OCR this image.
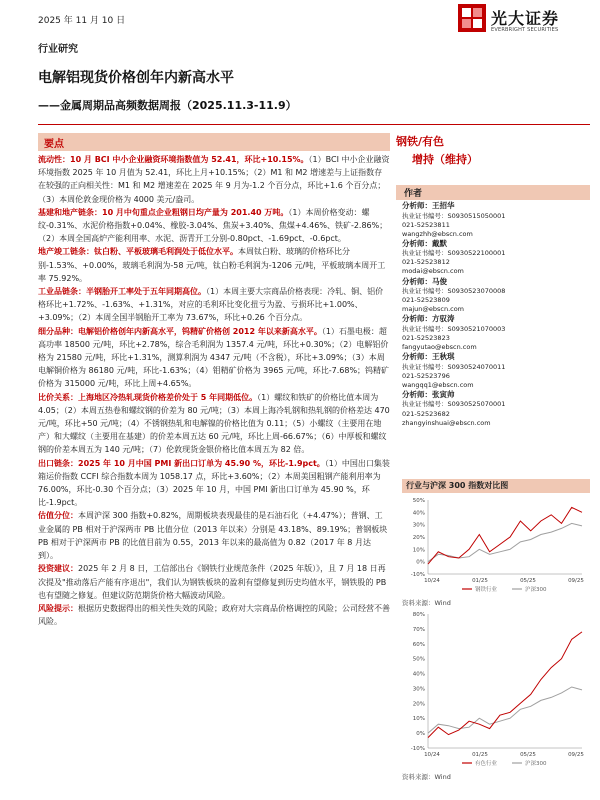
2025 年 11 月 10 日	光大证券
EVERBRIGHT SECURITIES
行业研究
电解铝现货价格创年内新高水平
——金属周期品高频数据周报（2025.11.3-11.9）
要点

流动性：10 月 BCI 中小企业融资环境指数值为 52.41，环比+10.15%。（1）BCI 中小企业融资环境指数 2025 年 10 月值为 52.41，环比上月+10.15%；（2）M1 和 M2 增速差与上证指数存在较强的正向相关性：M1 和 M2 增速差在 2025 年 9 月为-1.2 个百分点，环比+1.6 个百分点；（3）本周伦敦金现价格为 4000 美元/盎司。

基建和地产链条：10 月中旬重点企业粗钢日均产量为 201.40 万吨。（1）本周价格变动：螺纹-0.31%、水泥价格指数+0.04%、橡胶-3.04%、焦炭+3.40%、焦煤+4.46%、铁矿-2.86%；（2）本周全国高炉产能利用率、水泥、沥青开工分别-0.80pct、-1.69pct、-0.6pct。

地产竣工链条：钛白粉、平板玻璃毛利润处于低位水平。本周钛白粉、玻璃的价格环比分别-1.53%、+0.00%，玻璃毛利润为-58 元/吨，钛白粉毛利润为-1206 元/吨，平板玻璃本周开工率 75.92%。

工业品链条：半钢胎开工率处于五年同期高位。（1）本周主要大宗商品价格表现：冷轧、铜、铝价格环比+1.72%、-1.63%、+1.31%，对应的毛利环比变化扭亏为盈、亏损环比+1.00%、+3.09%；（2）本周全国半钢胎开工率为 73.67%，环比+0.26 个百分点。

细分品种：电解铝价格创年内新高水平，钨精矿价格创 2012 年以来新高水平。（1）石墨电极：超高功率 18500 元/吨，环比+2.78%，综合毛利润为 1357.4 元/吨，环比+0.30%；（2）电解铝价格为 21580 元/吨，环比+1.31%，测算利润为 4347 元/吨（不含税），环比+3.09%；（3）本周电解铜价格为 86180 元/吨，环比-1.63%；（4）钼精矿价格为 3965 元/吨，环比-7.68%；钨精矿价格为 315000 元/吨，环比上周+4.65%。

比价关系：上海地区冷热轧现货价格差价处于 5 年同期低位。（1）螺纹和铁矿的价格比值本周为 4.05；（2）本周五热卷和螺纹钢的价差为 80 元/吨；（3）本周上海冷轧钢和热轧钢的价格差达 470 元/吨，环比+50 元/吨；（4）不锈钢热轧和电解镍的价格比值为 0.11；（5）小螺纹（主要用在地产）和大螺纹（主要用在基建）的价差本周五达 60 元/吨，环比上周-66.67%；（6）中厚板和螺纹钢的价差本周五为 140 元/吨；（7）伦敦现货金银价格比值本周五为 82 倍。

出口链条：2025 年 10 月中国 PMI 新出口订单为 45.90 %，环比-1.9pct。（1）中国出口集装箱运价指数 CCFI 综合指数本周为 1058.17 点，环比+3.60%；（2）本周美国粗钢产能利用率为 76.00%，环比-0.30 个百分点；（3）2025 年 10 月，中国 PMI 新出口订单为 45.90 %，环比-1.9pct。

估值分位：本周沪深 300 指数+0.82%，周期板块表现最佳的是石油石化（+4.47%）；普钢、工业金属的 PB 相对于沪深两市 PB 比值分位（2013 年以来）分别是 43.18%、89.19%；普钢板块 PB 相对于沪深两市 PB 的比值目前为 0.55，2013 年以来的最高值为 0.82（2017 年 8 月达到）。

投资建议：2025 年 2 月 8 日，工信部出台《钢铁行业规范条件（2025 年版）》，且 7 月 18 日再次提及"推动落后产能有序退出"，我们认为钢铁板块的盈利有望修复到历史均值水平，钢铁股的 PB 也有望随之修复。但建议防范期货价格大幅波动风险。

风险提示：根据历史数据得出的相关性失效的风险；政府对大宗商品价格调控的风险；公司经营不善风险。

钢铁/有色
增持（维持）
作者
分析师：王招华
执业证书编号：S0930515050001
021-52523811
wangzhh@ebscn.com
分析师：戴默
执业证书编号：S0930522100001
021-52523812
modai@ebscn.com
分析师：马俊
执业证书编号：S0930523070008
021-52523809
majun@ebscn.com
分析师：方驭涛
执业证书编号：S0930521070003
021-52523823
fangyutao@ebscn.com
分析师：王秋琪
执业证书编号：S0930524070011
021-52523796
wangqq1@ebscn.com
分析师：张寅帅
执业证书编号：S0930525070001
021-52523682
zhangyinshuai@ebscn.com
行业与沪深 300 指数对比图
50%
40%
30%
20%
10%
0%
-10%
10/24	01/25	05/25	09/25
钢铁行业	沪深300
资料来源：Wind
80%
70%
60%
50%
40%
30%
20%
10%
0%
-10%
10/24	01/25	05/25	09/25
有色行业	沪深300
资料来源：Wind
